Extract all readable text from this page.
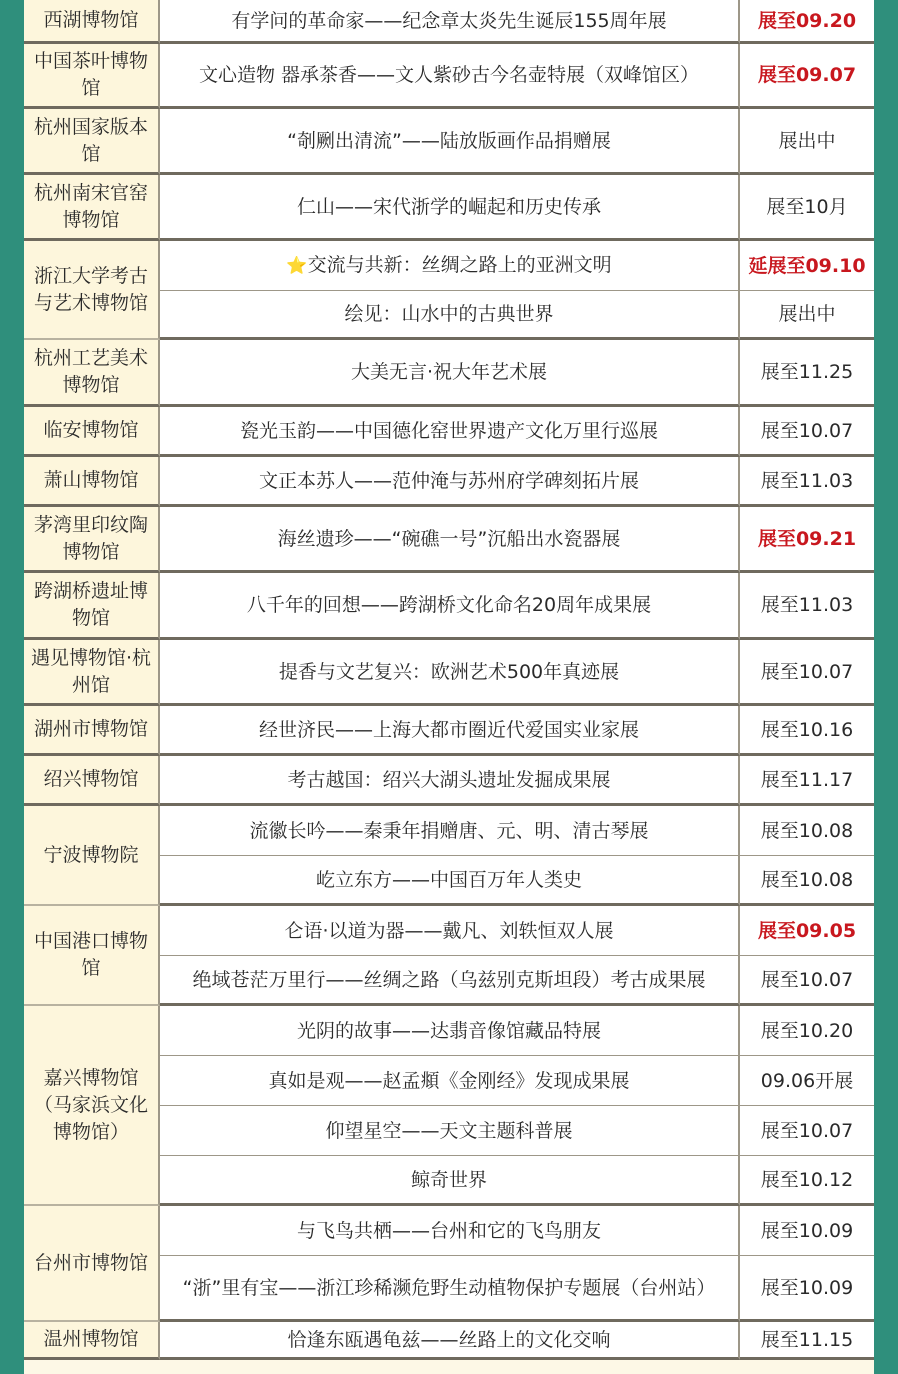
西湖博物馆	有学问的革命家——纪念章太炎先生诞辰155周年展	展至09.20
中国茶叶博物馆	文心造物 器承茶香——文人紫砂古今名壶特展（双峰馆区）	展至09.07
杭州国家版本馆	“剞劂出清流”——陆放版画作品捐赠展	展出中
杭州南宋官窑博物馆	仁山——宋代浙学的崛起和历史传承	展至10月
浙江大学考古与艺术博物馆	⭐交流与共新：丝绸之路上的亚洲文明	延展至09.10
	绘见：山水中的古典世界	展出中
杭州工艺美术博物馆	大美无言·祝大年艺术展	展至11.25
临安博物馆	瓷光玉韵——中国德化窑世界遗产文化万里行巡展	展至10.07
萧山博物馆	文正本苏人——范仲淹与苏州府学碑刻拓片展	展至11.03
茅湾里印纹陶博物馆	海丝遗珍——“碗礁一号”沉船出水瓷器展	展至09.21
跨湖桥遗址博物馆	八千年的回想——跨湖桥文化命名20周年成果展	展至11.03
遇见博物馆·杭州馆	提香与文艺复兴：欧洲艺术500年真迹展	展至10.07
湖州市博物馆	经世济民——上海大都市圈近代爱国实业家展	展至10.16
绍兴博物馆	考古越国：绍兴大湖头遗址发掘成果展	展至11.17
宁波博物院	流徽长吟——秦秉年捐赠唐、元、明、清古琴展	展至10.08
	屹立东方——中国百万年人类史	展至10.08
中国港口博物馆	仑语·以道为器——戴凡、刘轶恒双人展	展至09.05
	绝域苍茫万里行——丝绸之路（乌兹别克斯坦段）考古成果展	展至10.07
嘉兴博物馆（马家浜文化博物馆）	光阴的故事——达翡音像馆藏品特展	展至10.20
	真如是观——赵孟頫《金刚经》发现成果展	09.06开展
	仰望星空——天文主题科普展	展至10.07
	鲸奇世界	展至10.12
台州市博物馆	与飞鸟共栖——台州和它的飞鸟朋友	展至10.09
	“浙”里有宝——浙江珍稀濒危野生动植物保护专题展（台州站）	展至10.09
温州博物馆	恰逢东瓯遇龟兹——丝路上的文化交响	展至11.15
